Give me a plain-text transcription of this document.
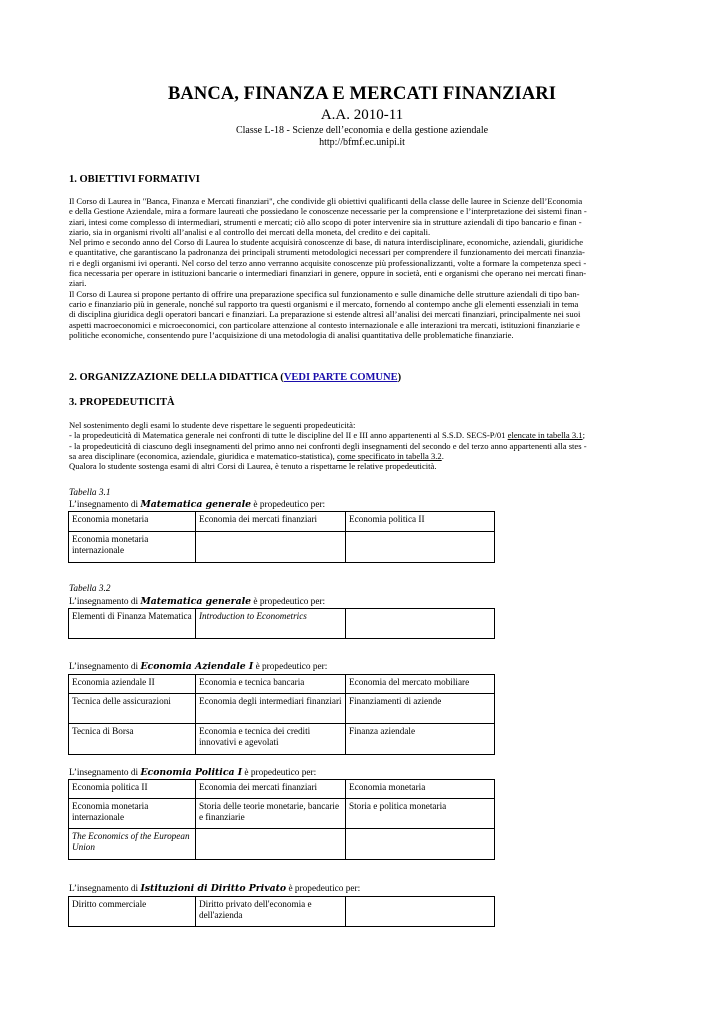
BANCA, FINANZA E MERCATI FINANZIARI
A.A. 2010-11
Classe L-18 - Scienze dell’economia e della gestione aziendale
http://bfmf.ec.unipi.it
1. OBIETTIVI FORMATIVI
Il Corso di Laurea in "Banca, Finanza e Mercati finanziari", che condivide gli obiettivi qualificanti della classe delle lauree in Scienze dell’Economia
e della Gestione Aziendale, mira a formare laureati che possiedano le conoscenze necessarie per la comprensione e l’interpretazione dei sistemi finan -
ziari, intesi come complesso di intermediari, strumenti e mercati; ciò allo scopo di poter intervenire sia in strutture aziendali di tipo bancario e finan -
ziario, sia in organismi rivolti all’analisi e al controllo dei mercati della moneta, del credito e dei capitali.
Nel primo e secondo anno del Corso di Laurea lo studente acquisirà conoscenze di base, di natura interdisciplinare, economiche, aziendali, giuridiche
e quantitative, che garantiscano la padronanza dei principali strumenti metodologici necessari per comprendere il funzionamento dei mercati finanzia-
ri e degli organismi ivi operanti. Nel corso del terzo anno verranno acquisite conoscenze più professionalizzanti, volte a formare la competenza speci -
fica necessaria per operare in istituzioni bancarie o intermediari finanziari in genere, oppure in società, enti e organismi che operano nei mercati finan-
ziari.
Il Corso di Laurea si propone pertanto di offrire una preparazione specifica sul funzionamento e sulle dinamiche delle strutture aziendali di tipo ban-
cario e finanziario più in generale, nonché sul rapporto tra questi organismi e il mercato, fornendo al contempo anche gli elementi essenziali in tema
di disciplina giuridica degli operatori bancari e finanziari. La preparazione si estende altresì all’analisi dei mercati finanziari, principalmente nei suoi
aspetti macroeconomici e microeconomici, con particolare attenzione al contesto internazionale e alle interazioni tra mercati, istituzioni finanziarie e
politiche economiche, consentendo pure l’acquisizione di una metodologia di analisi quantitativa delle problematiche finanziarie.
2. ORGANIZZAZIONE DELLA DIDATTICA (VEDI PARTE COMUNE)
3. PROPEDEUTICITÀ
Nel sostenimento degli esami lo studente deve rispettare le seguenti propedeuticità:
- la propedeuticità di Matematica generale nei confronti di tutte le discipline del II e III anno appartenenti al S.S.D. SECS-P/01 elencate in tabella 3.1;
- la propedeuticità di ciascuno degli insegnamenti del primo anno nei confronti degli insegnamenti del secondo e del terzo anno appartenenti alla stes -
sa area disciplinare (economica, aziendale, giuridica e matematico-statistica), come specificato in tabella 3.2.
Qualora lo studente sostenga esami di altri Corsi di Laurea, è tenuto a rispettarne le relative propedeuticità.
Tabella 3.1
L’insegnamento di Matematica generale è propedeutico per:
Economia monetaria	Economia dei mercati finanziari	Economia politica II
Economia monetaria internazionale		
Tabella 3.2
L’insegnamento di Matematica generale è propedeutico per:
Elementi di Finanza Matematica	Introduction to Econometrics	
L’insegnamento di Economia Aziendale I è propedeutico per:
Economia aziendale II	Economia e tecnica bancaria	Economia del mercato mobiliare
Tecnica delle assicurazioni	Economia degli intermediari finanziari	Finanziamenti di aziende
Tecnica di Borsa	Economia e tecnica dei crediti innovativi e agevolati	Finanza aziendale
L’insegnamento di Economia Politica I è propedeutico per:
Economia politica II	Economia dei mercati finanziari	Economia monetaria
Economia monetaria internazionale	Storia delle teorie monetarie, bancarie e finanziarie	Storia e politica monetaria
The Economics of the European Union		
L’insegnamento di Istituzioni di Diritto Privato è propedeutico per:
Diritto commerciale	Diritto privato dell'economia e dell'azienda	
